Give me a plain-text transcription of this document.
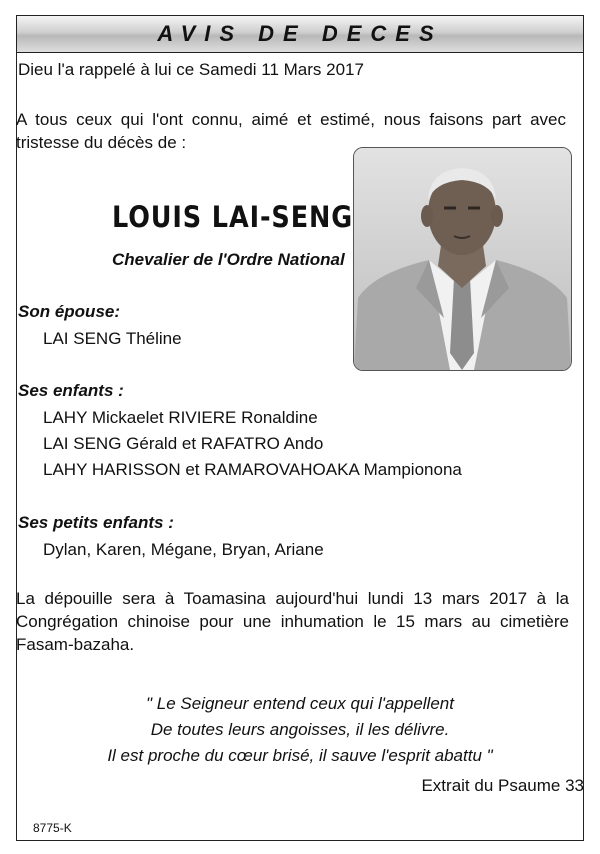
AVIS DE DECES
Dieu l'a rappelé à lui ce Samedi 11 Mars 2017
A tous ceux qui l'ont connu, aimé et estimé, nous faisons part avec tristesse du décès de :
LOUIS LAI-SENG
Chevalier de l'Ordre National
Son épouse:
LAI SENG Théline
Ses enfants :
LAHY Mickaelet RIVIERE Ronaldine
LAI SENG Gérald et RAFATRO Ando
LAHY HARISSON et RAMAROVAHOAKA Mampionona
Ses petits enfants :
Dylan, Karen, Mégane, Bryan, Ariane
La dépouille sera à Toamasina aujourd'hui lundi 13 mars 2017 à la Congrégation chinoise pour une inhumation le 15 mars au cimetière Fasam-bazaha.
" Le Seigneur entend ceux qui l'appellent
De toutes leurs angoisses, il les délivre.
Il est proche du cœur brisé, il sauve l'esprit abattu "
Extrait du Psaume 33
8775-K
